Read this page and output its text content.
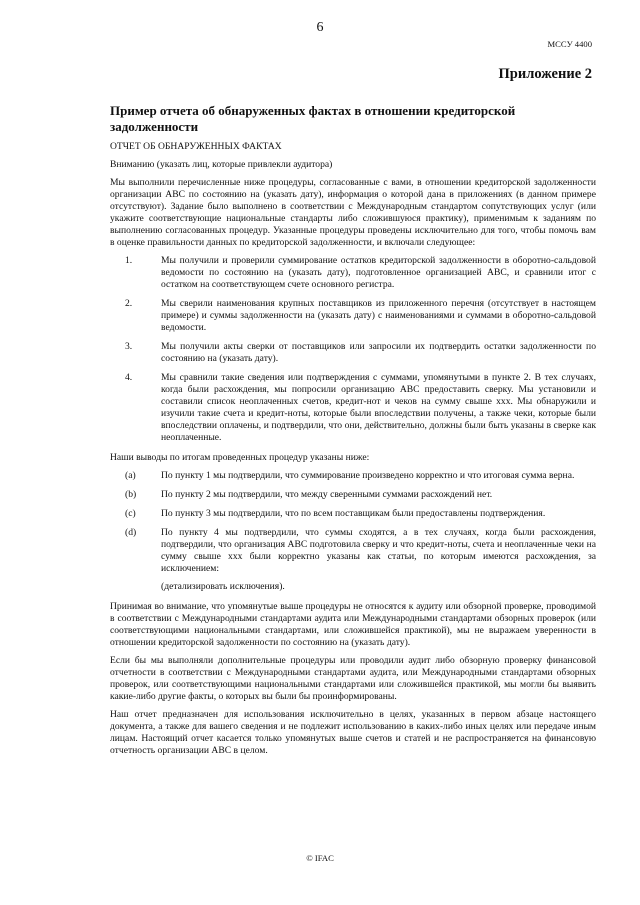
6
МСCУ 4400
Приложение 2
Пример отчета об обнаруженных фактах в отношении кредиторской задолженности
ОТЧЕТ ОБ ОБНАРУЖЕННЫХ ФАКТАХ

Вниманию (указать лиц, которые привлекли аудитора)

Мы выполнили перечисленные ниже процедуры, согласованные с вами, в отношении кредиторской задолженности организации ABC по состоянию на (указать дату), информация о которой дана в приложениях (в данном примере отсутствуют). Задание было выполнено в соответствии с Международным стандартом сопутствующих услуг (или укажите соответствующие национальные стандарты либо сложившуюся практику), применимым к заданиям по выполнению согласованных процедур. Указанные процедуры проведены исключительно для того, чтобы помочь вам в оценке правильности данных по кредиторской задолженности, и включали следующее:

1.	Мы получили и проверили суммирование остатков кредиторской задолженности в оборотно-сальдовой ведомости по состоянию на (указать дату), подготовленное организацией ABC, и сравнили итог с остатком на соответствующем счете основного регистра.
2.	Мы сверили наименования крупных поставщиков из приложенного перечня (отсутствует в настоящем примере) и суммы задолженности на (указать дату) с наименованиями и суммами в оборотно-сальдовой ведомости.
3.	Мы получили акты сверки от поставщиков или запросили их подтвердить остатки задолженности по состоянию на (указать дату).
4.	Мы сравнили такие сведения или подтверждения с суммами, упомянутыми в пункте 2. В тех случаях, когда были расхождения, мы попросили организацию ABC предоставить сверку. Мы установили и составили список неоплаченных счетов, кредит-нот и чеков на сумму свыше ххх. Мы обнаружили и изучили такие счета и кредит-ноты, которые были впоследствии получены, а также чеки, которые были впоследствии оплачены, и подтвердили, что они, действительно, должны были быть указаны в сверке как неоплаченные.

Наши выводы по итогам проведенных процедур указаны ниже:

(a)	По пункту 1 мы подтвердили, что суммирование произведено корректно и что итоговая сумма верна.
(b)	По пункту 2 мы подтвердили, что между сверенными суммами расхождений нет.
(c)	По пункту 3 мы подтвердили, что по всем поставщикам были предоставлены подтверждения.
(d)	По пункту 4 мы подтвердили, что суммы сходятся, а в тех случаях, когда были расхождения, подтвердили, что организация ABC подготовила сверку и что кредит-ноты, счета и неоплаченные чеки на сумму свыше ххх были корректно указаны как статьи, по которым имеются расхождения, за исключением:
(детализировать исключения).

Принимая во внимание, что упомянутые выше процедуры не относятся к аудиту или обзорной проверке, проводимой в соответствии с Международными стандартами аудита или Международными стандартами обзорных проверок (или соответствующими национальными стандартами, или сложившейся практикой), мы не выражаем уверенности в отношении кредиторской задолженности по состоянию на (указать дату).

Если бы мы выполняли дополнительные процедуры или проводили аудит либо обзорную проверку финансовой отчетности в соответствии с Международными стандартами аудита, или Международными стандартами обзорных проверок, или соответствующими национальными стандартами или сложившейся практикой, мы могли бы выявить какие-либо другие факты, о которых вы были бы проинформированы.

Наш отчет предназначен для использования исключительно в целях, указанных в первом абзаце настоящего документа, а также для вашего сведения и не подлежит использованию в каких-либо иных целях или передаче иным лицам. Настоящий отчет касается только упомянутых выше счетов и статей и не распространяется на финансовую отчетность организации ABC в целом.

© IFAC
